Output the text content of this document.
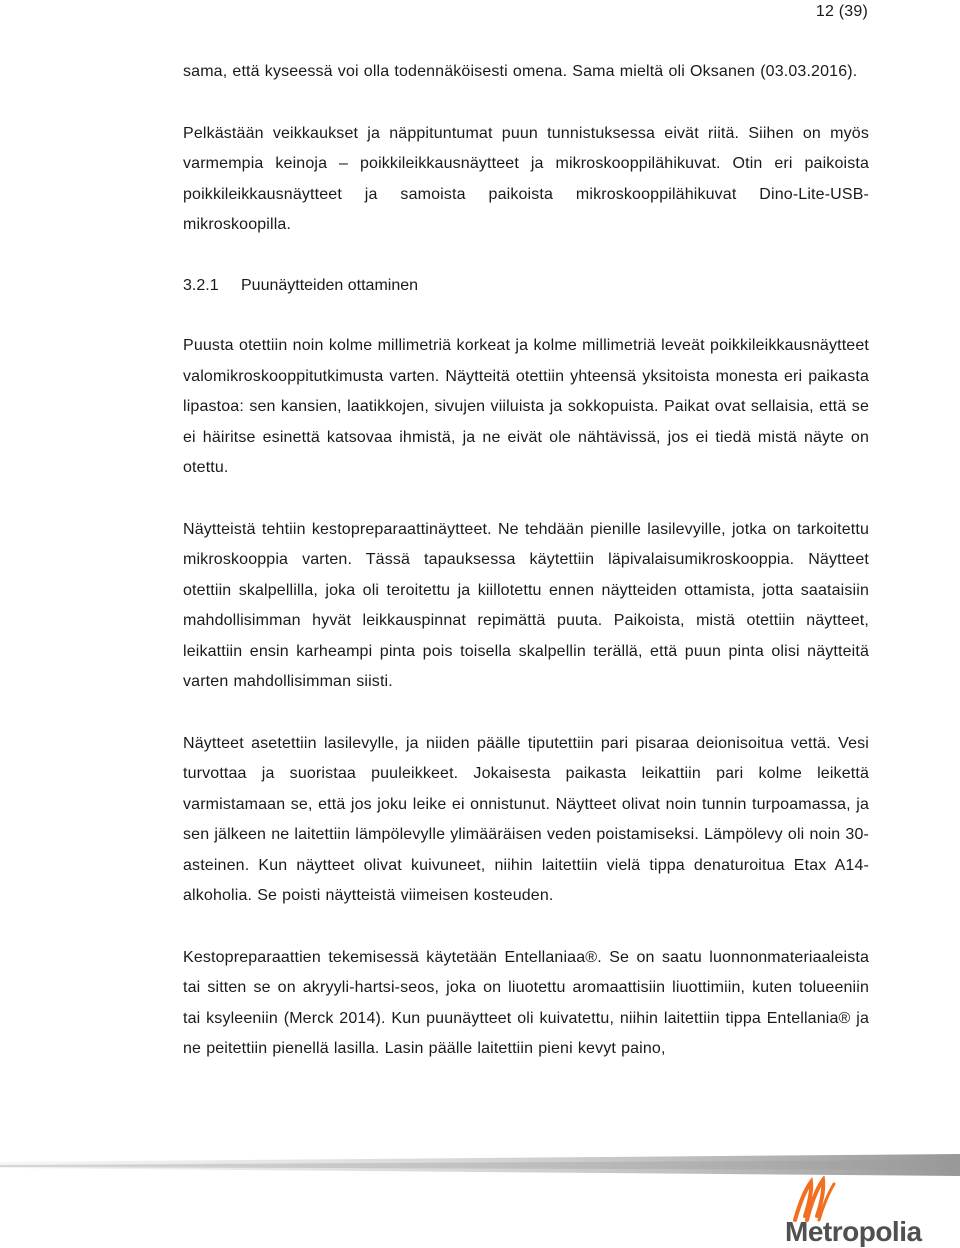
12 (39)

sama, että kyseessä voi olla todennäköisesti omena. Sama mieltä oli Oksanen (03.03.2016).

Pelkästään veikkaukset ja näppituntumat puun tunnistuksessa eivät riitä. Siihen on myös varmempia keinoja – poikkileikkausnäytteet ja mikroskooppilähikuvat. Otin eri paikoista poikkileikkausnäytteet ja samoista paikoista mikroskooppilähikuvat Dino-Lite-USB-mikroskoopilla.

3.2.1	Puunäytteiden ottaminen

Puusta otettiin noin kolme millimetriä korkeat ja kolme millimetriä leveät poikkileikkausnäytteet valomikroskooppitutkimusta varten. Näytteitä otettiin yhteensä yksitoista monesta eri paikasta lipastoa: sen kansien, laatikkojen, sivujen viiluista ja sokkopuista. Paikat ovat sellaisia, että se ei häiritse esinettä katsovaa ihmistä, ja ne eivät ole nähtävissä, jos ei tiedä mistä näyte on otettu.

Näytteistä tehtiin kestopreparaattinäytteet. Ne tehdään pienille lasilevyille, jotka on tarkoitettu mikroskooppia varten. Tässä tapauksessa käytettiin läpivalaisumikroskooppia. Näytteet otettiin skalpellilla, joka oli teroitettu ja kiillotettu ennen näytteiden ottamista, jotta saataisiin mahdollisimman hyvät leikkauspinnat repimättä puuta. Paikoista, mistä otettiin näytteet, leikattiin ensin karheampi pinta pois toisella skalpellin terällä, että puun pinta olisi näytteitä varten mahdollisimman siisti.

Näytteet asetettiin lasilevylle, ja niiden päälle tiputettiin pari pisaraa deionisoitua vettä. Vesi turvottaa ja suoristaa puuleikkeet. Jokaisesta paikasta leikattiin pari kolme leikettä varmistamaan se, että jos joku leike ei onnistunut. Näytteet olivat noin tunnin turpoamassa, ja sen jälkeen ne laitettiin lämpölevylle ylimääräisen veden poistamiseksi. Lämpölevy oli noin 30-asteinen. Kun näytteet olivat kuivuneet, niihin laitettiin vielä tippa denaturoitua Etax A14-alkoholia. Se poisti näytteistä viimeisen kosteuden.

Kestopreparaattien tekemisessä käytetään Entellaniaa®. Se on saatu luonnonmateriaaleista tai sitten se on akryyli-hartsi-seos, joka on liuotettu aromaattisiin liuottimiin, kuten tolueeniin tai ksyleeniin (Merck 2014). Kun puunäytteet oli kuivatettu, niihin laitettiin tippa Entellania® ja ne peitettiin pienellä lasilla. Lasin päälle laitettiin pieni kevyt paino,

Metropolia
